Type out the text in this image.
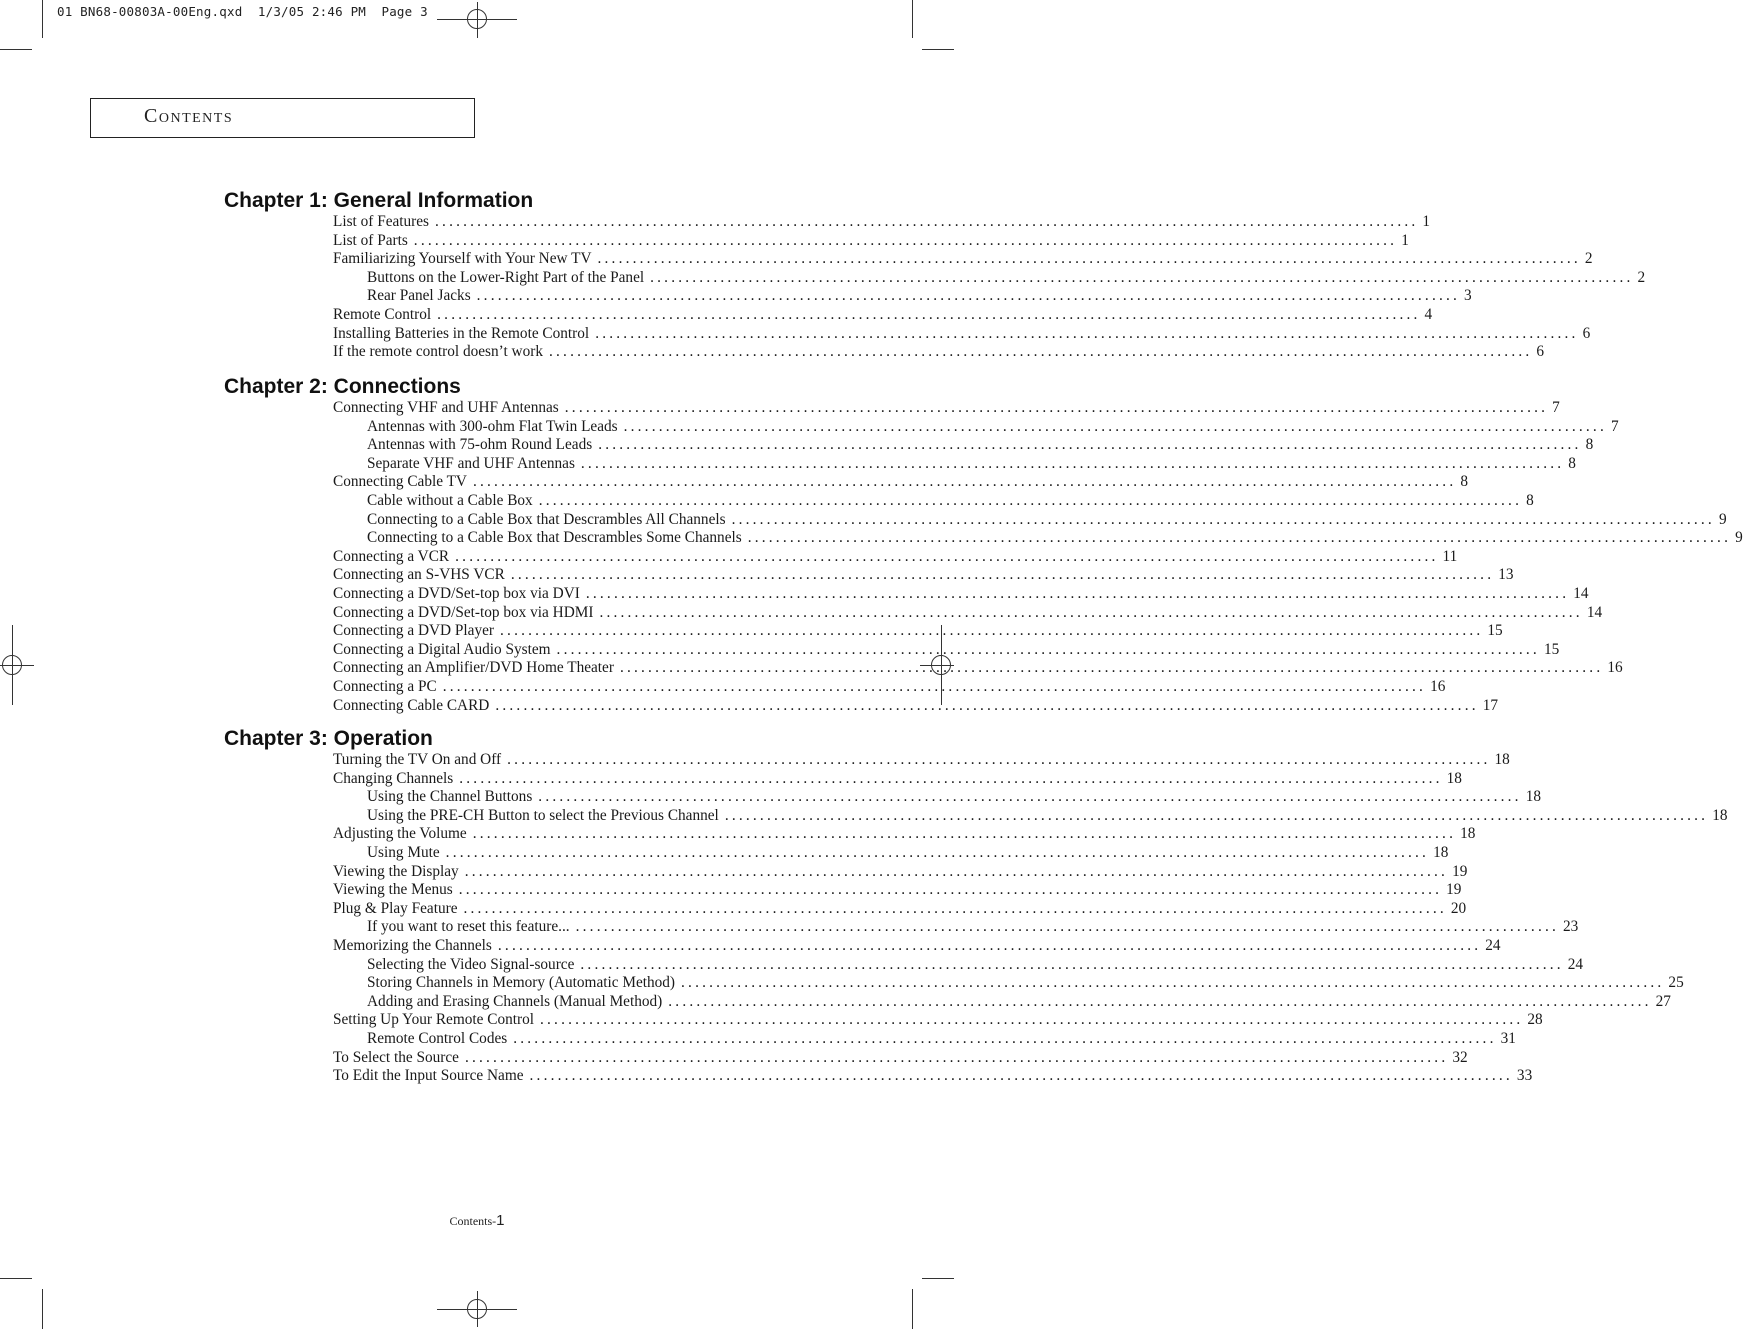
01 BN68-00803A-00Eng.qxd  1/3/05 2:46 PM  Page 3
CONTENTS
Chapter 1: General Information
List of Features ............................................................................................................................................ 1
List of Parts ............................................................................................................................................ 1
Familiarizing Yourself with Your New TV ............................................................................................................................................ 2
Buttons on the Lower-Right Part of the Panel ............................................................................................................................................ 2
Rear Panel Jacks ............................................................................................................................................ 3
Remote Control ............................................................................................................................................ 4
Installing Batteries in the Remote Control ............................................................................................................................................ 6
If the remote control doesn’t work ............................................................................................................................................ 6
Chapter 2: Connections
Connecting VHF and UHF Antennas ............................................................................................................................................ 7
Antennas with 300-ohm Flat Twin Leads ............................................................................................................................................ 7
Antennas with 75-ohm Round Leads ............................................................................................................................................ 8
Separate VHF and UHF Antennas ............................................................................................................................................ 8
Connecting Cable TV ............................................................................................................................................ 8
Cable without a Cable Box ............................................................................................................................................ 8
Connecting to a Cable Box that Descrambles All Channels ............................................................................................................................................ 9
Connecting to a Cable Box that Descrambles Some Channels ............................................................................................................................................ 9
Connecting a VCR ............................................................................................................................................ 11
Connecting an S-VHS VCR ............................................................................................................................................ 13
Connecting a DVD/Set-top box via DVI ............................................................................................................................................ 14
Connecting a DVD/Set-top box via HDMI ............................................................................................................................................ 14
Connecting a DVD Player ............................................................................................................................................ 15
Connecting a Digital Audio System ............................................................................................................................................ 15
Connecting an Amplifier/DVD Home Theater ............................................................................................................................................ 16
Connecting a PC ............................................................................................................................................ 16
Connecting Cable CARD ............................................................................................................................................ 17
Chapter 3: Operation
Turning the TV On and Off ............................................................................................................................................ 18
Changing Channels ............................................................................................................................................ 18
Using the Channel Buttons ............................................................................................................................................ 18
Using the PRE-CH Button to select the Previous Channel ............................................................................................................................................ 18
Adjusting the Volume ............................................................................................................................................ 18
Using Mute ............................................................................................................................................ 18
Viewing the Display ............................................................................................................................................ 19
Viewing the Menus ............................................................................................................................................ 19
Plug & Play Feature ............................................................................................................................................ 20
If you want to reset this feature... ............................................................................................................................................ 23
Memorizing the Channels ............................................................................................................................................ 24
Selecting the Video Signal-source ............................................................................................................................................ 24
Storing Channels in Memory (Automatic Method) ............................................................................................................................................ 25
Adding and Erasing Channels (Manual Method) ............................................................................................................................................ 27
Setting Up Your Remote Control ............................................................................................................................................ 28
Remote Control Codes ............................................................................................................................................ 31
To Select the Source ............................................................................................................................................ 32
To Edit the Input Source Name ............................................................................................................................................ 33
Contents-1
